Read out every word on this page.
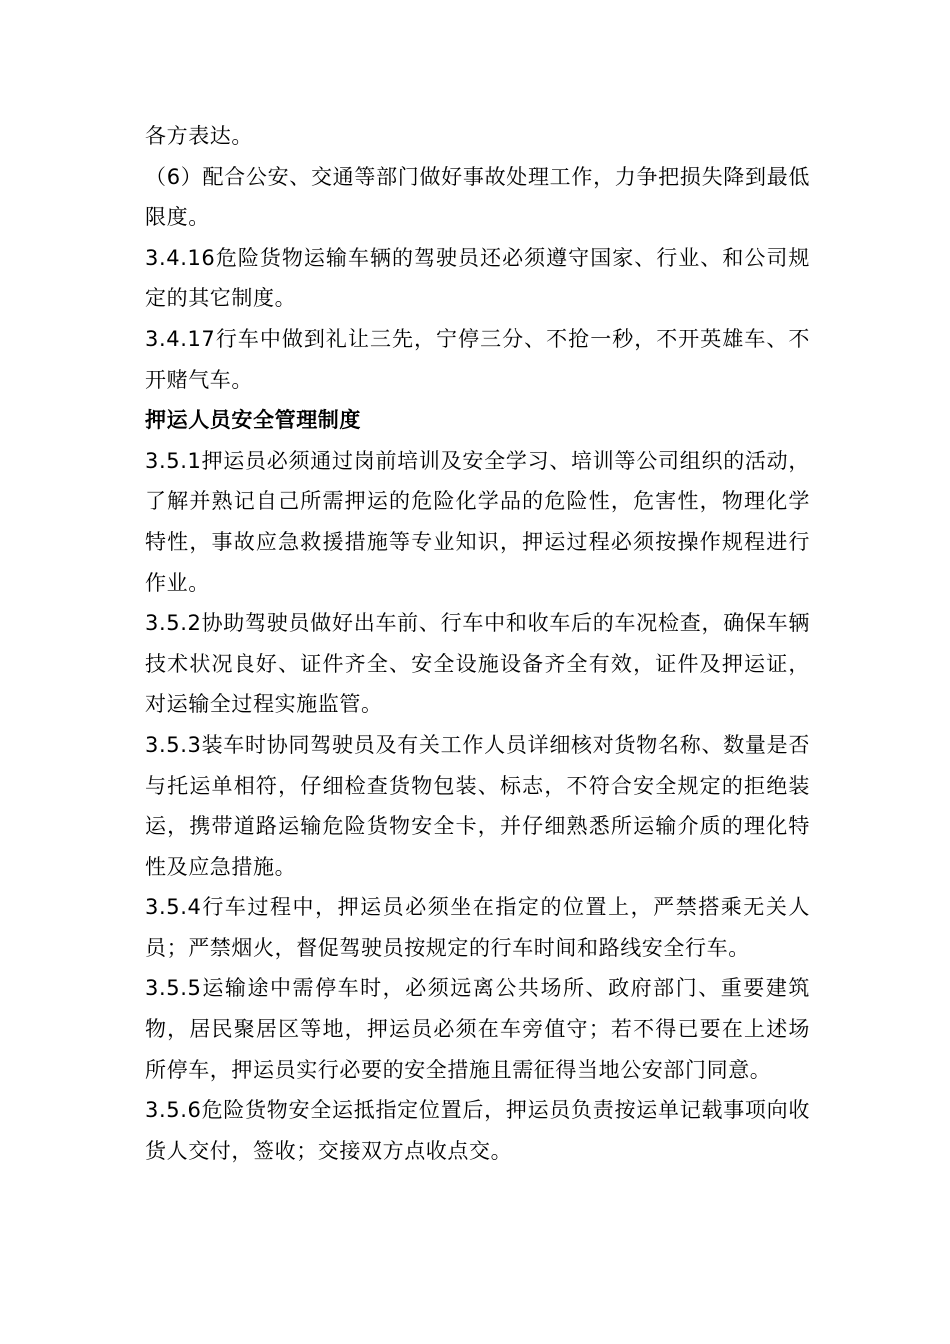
各方表达。

（6）配合公安、交通等部门做好事故处理工作，力争把损失降到最低限度。

3.4.16危险货物运输车辆的驾驶员还必须遵守国家、行业、和公司规定的其它制度。

3.4.17行车中做到礼让三先，宁停三分、不抢一秒，不开英雄车、不开赌气车。

押运人员安全管理制度

3.5.1押运员必须通过岗前培训及安全学习、培训等公司组织的活动，了解并熟记自己所需押运的危险化学品的危险性，危害性，物理化学特性，事故应急救援措施等专业知识，押运过程必须按操作规程进行作业。

3.5.2协助驾驶员做好出车前、行车中和收车后的车况检查，确保车辆技术状况良好、证件齐全、安全设施设备齐全有效，证件及押运证，对运输全过程实施监管。

3.5.3装车时协同驾驶员及有关工作人员详细核对货物名称、数量是否与托运单相符，仔细检查货物包装、标志，不符合安全规定的拒绝装运，携带道路运输危险货物安全卡，并仔细熟悉所运输介质的理化特性及应急措施。

3.5.4行车过程中，押运员必须坐在指定的位置上，严禁搭乘无关人员；严禁烟火，督促驾驶员按规定的行车时间和路线安全行车。

3.5.5运输途中需停车时，必须远离公共场所、政府部门、重要建筑物，居民聚居区等地，押运员必须在车旁值守；若不得已要在上述场所停车，押运员实行必要的安全措施且需征得当地公安部门同意。

3.5.6危险货物安全运抵指定位置后，押运员负责按运单记载事项向收货人交付，签收；交接双方点收点交。
